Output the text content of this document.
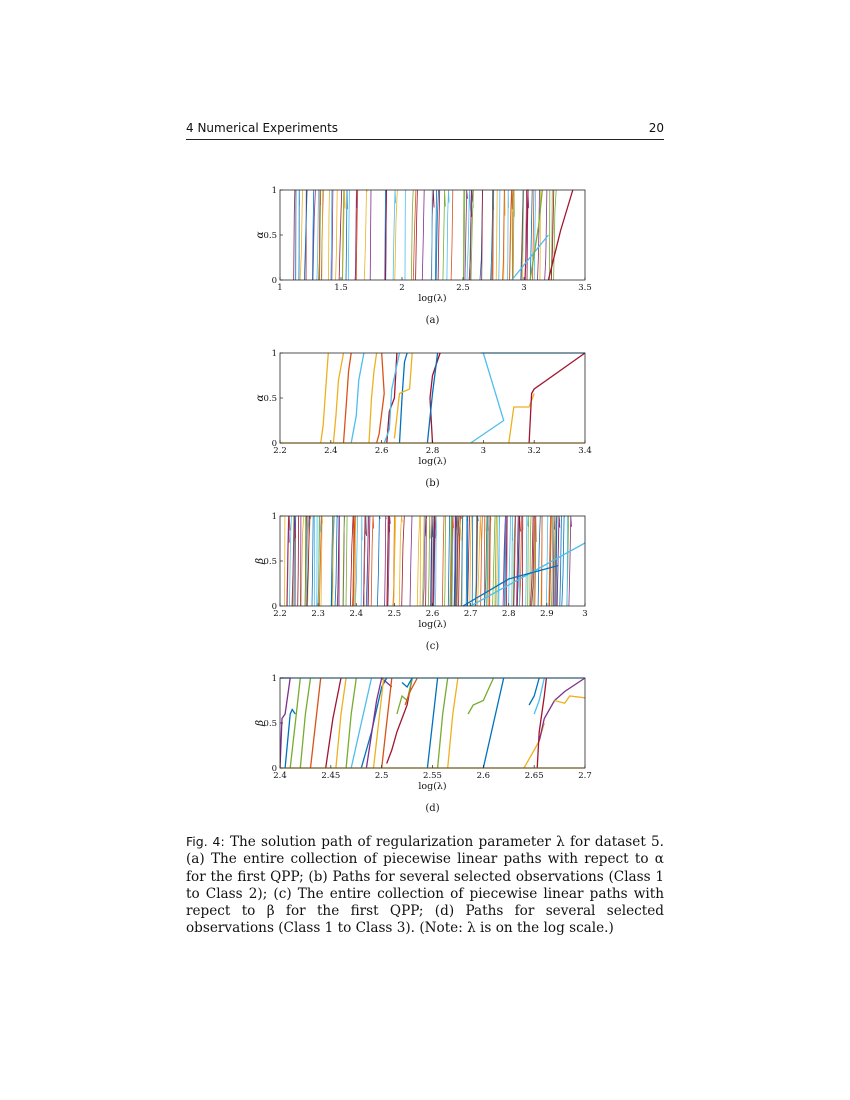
4 Numerical Experiments	20
1	1.5	2	2.5	3	3.5
0
0.5
1
log(λ)
α
(a)
2.2	2.4	2.6	2.8	3	3.2	3.4
0
0.5
1
log(λ)
α
(b)
2.2	2.3	2.4	2.5	2.6	2.7	2.8	2.9	3
0
0.5
1
log(λ)
β
(c)
2.4	2.45	2.5	2.55	2.6	2.65	2.7
0
0.5
1
log(λ)
β
(d)
Fig. 4: The solution path of regularization parameter λ for dataset 5. (a) The entire collection of piecewise linear paths with repect to α for the first QPP; (b) Paths for several selected observations (Class 1 to Class 2); (c) The entire collection of piecewise linear paths with repect to β for the first QPP; (d) Paths for several selected observations (Class 1 to Class 3). (Note: λ is on the log scale.)
